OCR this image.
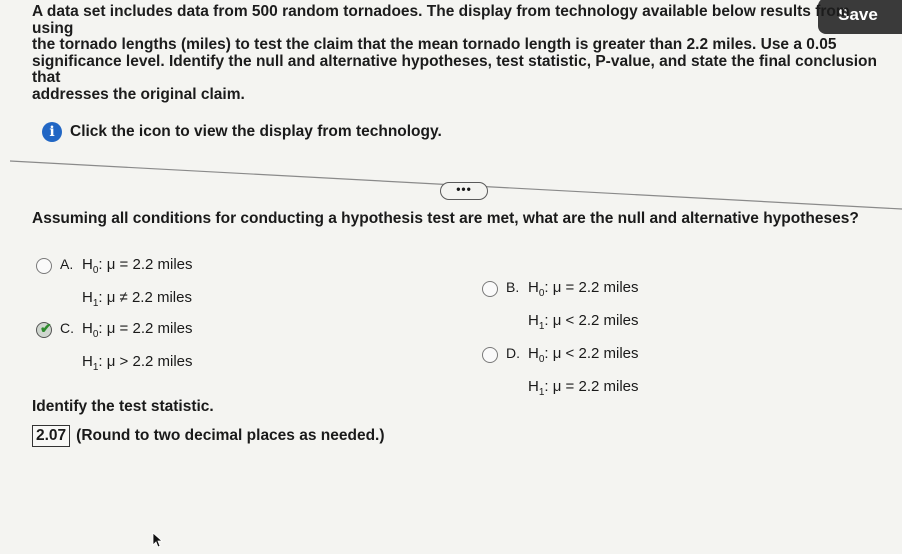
Save

A data set includes data from 500 random tornadoes. The display from technology available below results from using

the tornado lengths (miles) to test the claim that the mean tornado length is greater than 2.2 miles. Use a 0.05

significance level. Identify the null and alternative hypotheses, test statistic, P-value, and state the final conclusion that

addresses the original claim.

i Click the icon to view the display from technology.
•••
Assuming all conditions for conducting a hypothesis test are met, what are the null and alternative hypotheses?
A. $H_0$: μ = 2.2 miles
$H_1$: μ ≠ 2.2 miles
B. $H_0$: μ = 2.2 miles
$H_1$: μ < 2.2 miles
✔ C. $H_0$: μ = 2.2 miles
$H_1$: μ > 2.2 miles	D. $H_0$: μ < 2.2 miles
$H_1$: μ = 2.2 miles
Identify the test statistic.
2.07 (Round to two decimal places as needed.)
